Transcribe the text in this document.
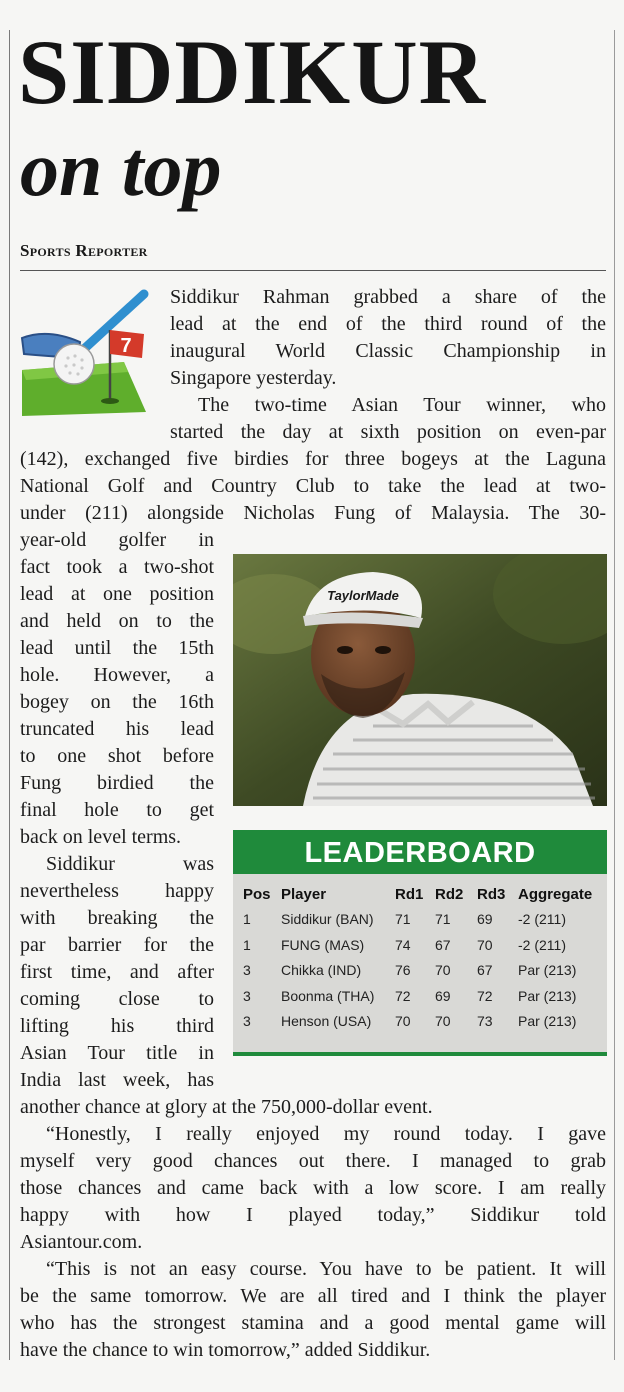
SIDDIKUR
on top
Sports Reporter
7
Siddikur Rahman grabbed a share of the
lead at the end of the third round of the
inaugural World Classic Championship in
Singapore yesterday.
The two-time Asian Tour winner, who
started the day at sixth position on even-par
(142), exchanged five birdies for three bogeys at the Laguna
National Golf and Country Club to take the lead at two-
under (211) alongside Nicholas Fung of Malaysia. The 30-
year-old golfer in
fact took a two-shot
lead at one position
and held on to the
lead until the 15th
hole. However, a
bogey on the 16th
truncated his lead
to one shot before
Fung birdied the
final hole to get
back on level terms.
Siddikur was
nevertheless happy
with breaking the
par barrier for the
first time, and after
coming close to
lifting his third
Asian Tour title in
India last week, has
another chance at glory at the 750,000-dollar event.
“Honestly, I really enjoyed my round today. I gave
myself very good chances out there. I managed to grab
those chances and came back with a low score. I am really
happy with how I played today,” Siddikur told
Asiantour.com.
“This is not an easy course. You have to be patient. It will
be the same tomorrow. We are all tired and I think the player
who has the strongest stamina and a good mental game will
have the chance to win tomorrow,” added Siddikur.
TaylorMade
LEADERBOARD
Pos Player	Rd1 Rd2 Rd3 Aggregate
1 Siddikur (BAN) 71 71 69 -2 (211)
1 FUNG (MAS) 74 67 70 -2 (211)
3 Chikka (IND) 76 70 67 Par (213)
3 Boonma (THA) 72 69 72 Par (213)
3 Henson (USA) 70 70 73 Par (213)
